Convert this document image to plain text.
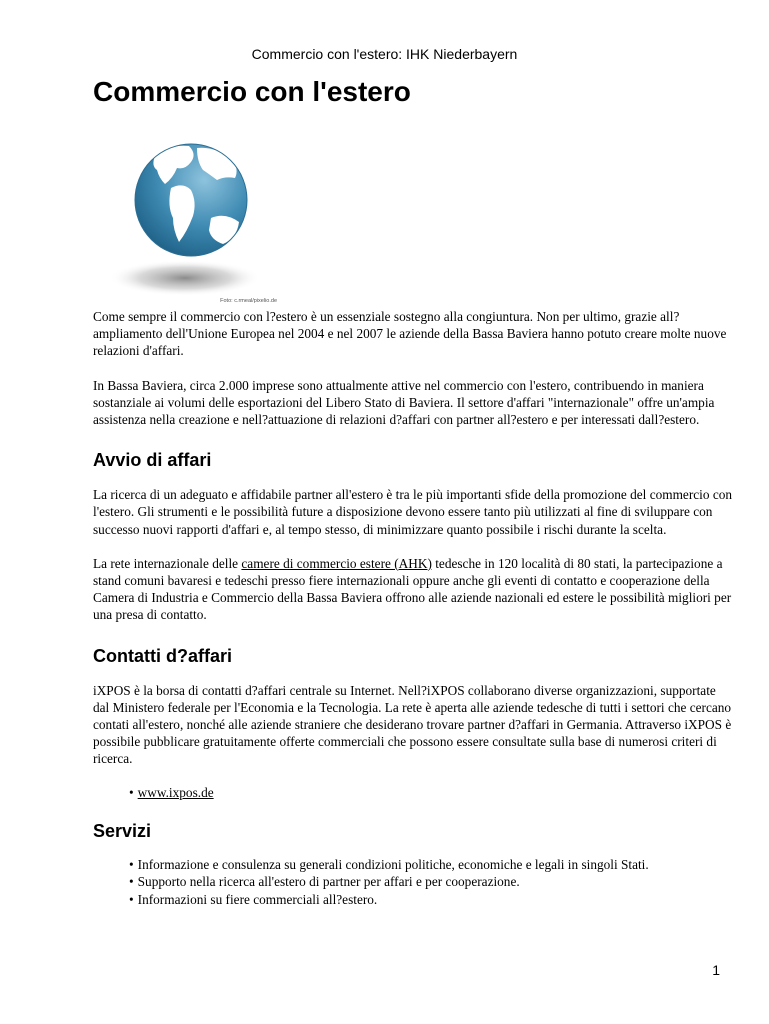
Commercio con l'estero: IHK Niederbayern
Commercio con l'estero
Foto: c.rmeal/pixelio.de

Come sempre il commercio con l?estero è un essenziale sostegno alla congiuntura. Non per ultimo, grazie all?ampliamento dell'Unione Europea nel 2004 e nel 2007 le aziende della Bassa Baviera hanno potuto creare molte nuove relazioni d'affari.

In Bassa Baviera, circa 2.000 imprese sono attualmente attive nel commercio con l'estero, contribuendo in maniera sostanziale ai volumi delle esportazioni del Libero Stato di Baviera. Il settore d'affari "internazionale" offre un'ampia assistenza nella creazione e nell?attuazione di relazioni d?affari con partner all?estero e per interessati dall?estero.

Avvio di affari

La ricerca di un adeguato e affidabile partner all'estero è tra le più importanti sfide della promozione del commercio con l'estero. Gli strumenti e le possibilità future a disposizione devono essere tanto più utilizzati al fine di sviluppare con successo nuovi rapporti d'affari e, al tempo stesso, di minimizzare quanto possibile i rischi durante la scelta.

La rete internazionale delle camere di commercio estere (AHK) tedesche in 120 località di 80 stati, la partecipazione a stand comuni bavaresi e tedeschi presso fiere internazionali oppure anche gli eventi di contatto e cooperazione della Camera di Industria e Commercio della Bassa Baviera offrono alle aziende nazionali ed estere le possibilità migliori per una presa di contatto.

Contatti d?affari

iXPOS è la borsa di contatti d?affari centrale su Internet. Nell?iXPOS collaborano diverse organizzazioni, supportate dal Ministero federale per l'Economia e la Tecnologia. La rete è aperta alle aziende tedesche di tutti i settori che cercano contati all'estero, nonché alle aziende straniere che desiderano trovare partner d?affari in Germania. Attraverso iXPOS è possibile pubblicare gratuitamente offerte commerciali che possono essere consultate sulla base di numerosi criteri di ricerca.

• www.ixpos.de
Servizi
• Informazione e consulenza su generali condizioni politiche, economiche e legali in singoli Stati.
• Supporto nella ricerca all'estero di partner per affari e per cooperazione.
• Informazioni su fiere commerciali all?estero.
1
